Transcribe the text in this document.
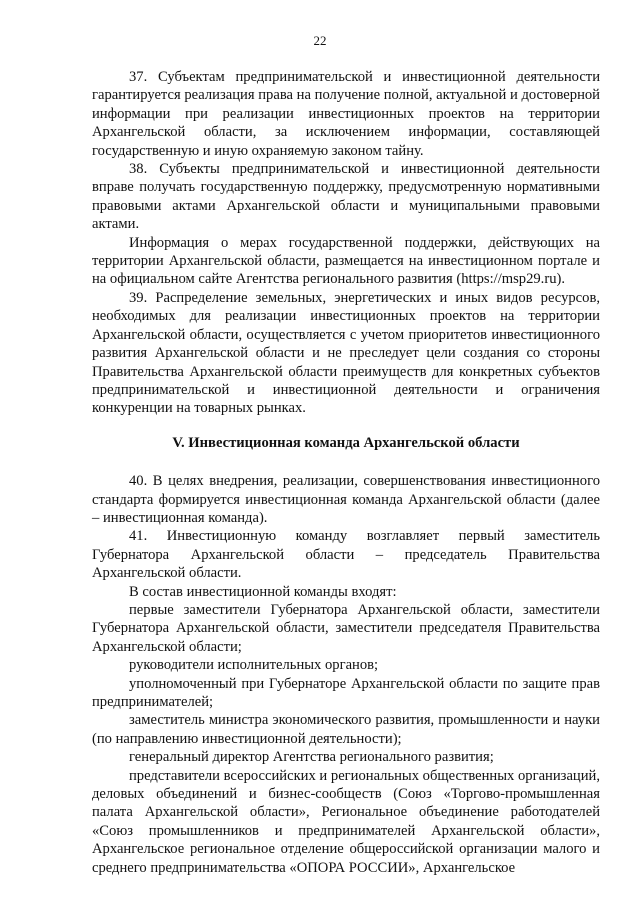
22

37. Субъектам предпринимательской и инвестиционной деятельности гарантируется реализация права на получение полной, актуальной и достоверной информации при реализации инвестиционных проектов на территории Архангельской области, за исключением информации, составляющей государственную и иную охраняемую законом тайну.

38. Субъекты предпринимательской и инвестиционной деятельности вправе получать государственную поддержку, предусмотренную нормативными правовыми актами Архангельской области и муниципальными правовыми актами.

Информация о мерах государственной поддержки, действующих на территории Архангельской области, размещается на инвестиционном портале и на официальном сайте Агентства регионального развития (https://msp29.ru).

39. Распределение земельных, энергетических и иных видов ресурсов, необходимых для реализации инвестиционных проектов на территории Архангельской области, осуществляется с учетом приоритетов инвестиционного развития Архангельской области и не преследует цели создания со стороны Правительства Архангельской области преимуществ для конкретных субъектов предпринимательской и инвестиционной деятельности и ограничения конкуренции на товарных рынках.

V. Инвестиционная команда Архангельской области

40. В целях внедрения, реализации, совершенствования инвестиционного стандарта формируется инвестиционная команда Архангельской области (далее – инвестиционная команда).

41. Инвестиционную команду возглавляет первый заместитель Губернатора Архангельской области – председатель Правительства Архангельской области.

В состав инвестиционной команды входят:

первые заместители Губернатора Архангельской области, заместители Губернатора Архангельской области, заместители председателя Правительства Архангельской области;

руководители исполнительных органов;

уполномоченный при Губернаторе Архангельской области по защите прав предпринимателей;

заместитель министра экономического развития, промышленности и науки (по направлению инвестиционной деятельности);

генеральный директор Агентства регионального развития;

представители всероссийских и региональных общественных организаций, деловых объединений и бизнес-сообществ (Союз «Торгово-промышленная палата Архангельской области», Региональное объединение работодателей «Союз промышленников и предпринимателей Архангельской области», Архангельское региональное отделение общероссийской организации малого и среднего предпринимательства «ОПОРА РОССИИ», Архангельское
